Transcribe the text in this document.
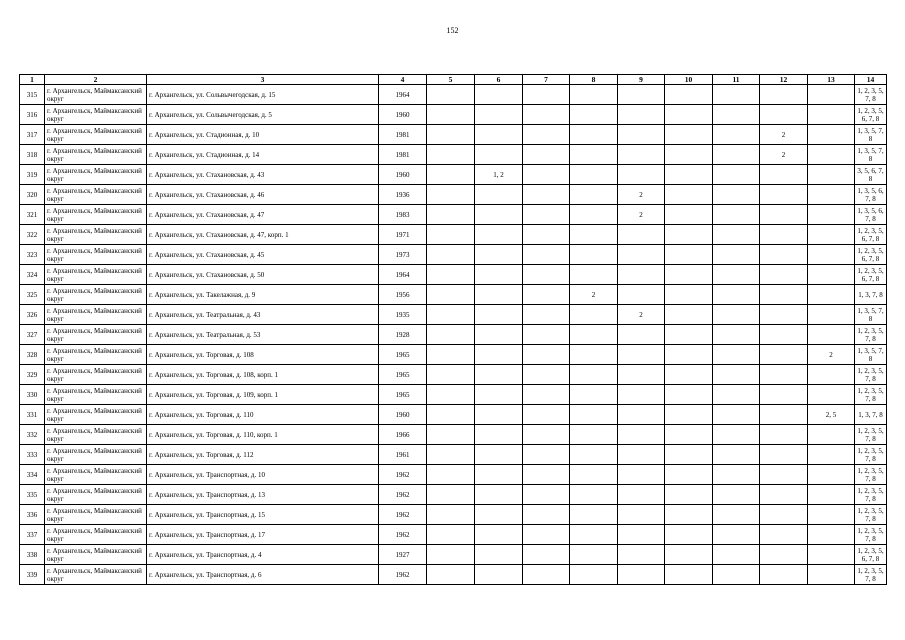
152
1	2	3	4	5	6	7	8	9	10	11	12	13	14
315	г. Архангельск, Маймаксанский округ	г. Архангельск, ул. Сольвычегодская, д. 15	1964										1, 2, 3, 5, 7, 8
316	г. Архангельск, Маймаксанский округ	г. Архангельск, ул. Сольвычегодская, д. 5	1960										1, 2, 3, 5, 6, 7, 8
317	г. Архангельск, Маймаксанский округ	г. Архангельск, ул. Стадионная, д. 10	1981								2		1, 3, 5, 7, 8
318	г. Архангельск, Маймаксанский округ	г. Архангельск, ул. Стадионная, д. 14	1981								2		1, 3, 5, 7, 8
319	г. Архангельск, Маймаксанский округ	г. Архангельск, ул. Стахановская, д. 43	1960		1, 2								3, 5, 6, 7, 8
320	г. Архангельск, Маймаксанский округ	г. Архангельск, ул. Стахановская, д. 46	1936					2					1, 3, 5, 6, 7, 8
321	г. Архангельск, Маймаксанский округ	г. Архангельск, ул. Стахановская, д. 47	1983					2					1, 3, 5, 6, 7, 8
322	г. Архангельск, Маймаксанский округ	г. Архангельск, ул. Стахановская, д. 47, корп. 1	1971										1, 2, 3, 5, 6, 7, 8
323	г. Архангельск, Маймаксанский округ	г. Архангельск, ул. Стахановская, д. 45	1973										1, 2, 3, 5, 6, 7, 8
324	г. Архангельск, Маймаксанский округ	г. Архангельск, ул. Стахановская, д. 50	1964										1, 2, 3, 5, 6, 7, 8
325	г. Архангельск, Маймаксанский округ	г. Архангельск, ул. Такелажная, д. 9	1956				2						1, 3, 7, 8
326	г. Архангельск, Маймаксанский округ	г. Архангельск, ул. Театральная, д. 43	1935					2					1, 3, 5, 7, 8
327	г. Архангельск, Маймаксанский округ	г. Архангельск, ул. Театральная, д. 53	1928										1, 2, 3, 5, 7, 8
328	г. Архангельск, Маймаксанский округ	г. Архангельск, ул. Торговая, д. 108	1965									2	1, 3, 5, 7, 8
329	г. Архангельск, Маймаксанский округ	г. Архангельск, ул. Торговая, д. 108, корп. 1	1965										1, 2, 3, 5, 7, 8
330	г. Архангельск, Маймаксанский округ	г. Архангельск, ул. Торговая, д. 109, корп. 1	1965										1, 2, 3, 5, 7, 8
331	г. Архангельск, Маймаксанский округ	г. Архангельск, ул. Торговая, д. 110	1960									2, 5	1, 3, 7, 8
332	г. Архангельск, Маймаксанский округ	г. Архангельск, ул. Торговая, д. 110, корп. 1	1966										1, 2, 3, 5, 7, 8
333	г. Архангельск, Маймаксанский округ	г. Архангельск, ул. Торговая, д. 112	1961										1, 2, 3, 5, 7, 8
334	г. Архангельск, Маймаксанский округ	г. Архангельск, ул. Транспортная, д. 10	1962										1, 2, 3, 5, 7, 8
335	г. Архангельск, Маймаксанский округ	г. Архангельск, ул. Транспортная, д. 13	1962										1, 2, 3, 5, 7, 8
336	г. Архангельск, Маймаксанский округ	г. Архангельск, ул. Транспортная, д. 15	1962										1, 2, 3, 5, 7, 8
337	г. Архангельск, Маймаксанский округ	г. Архангельск, ул. Транспортная, д. 17	1962										1, 2, 3, 5, 7, 8
338	г. Архангельск, Маймаксанский округ	г. Архангельск, ул. Транспортная, д. 4	1927										1, 2, 3, 5, 6, 7, 8
339	г. Архангельск, Маймаксанский округ	г. Архангельск, ул. Транспортная, д. 6	1962										1, 2, 3, 5, 7, 8
